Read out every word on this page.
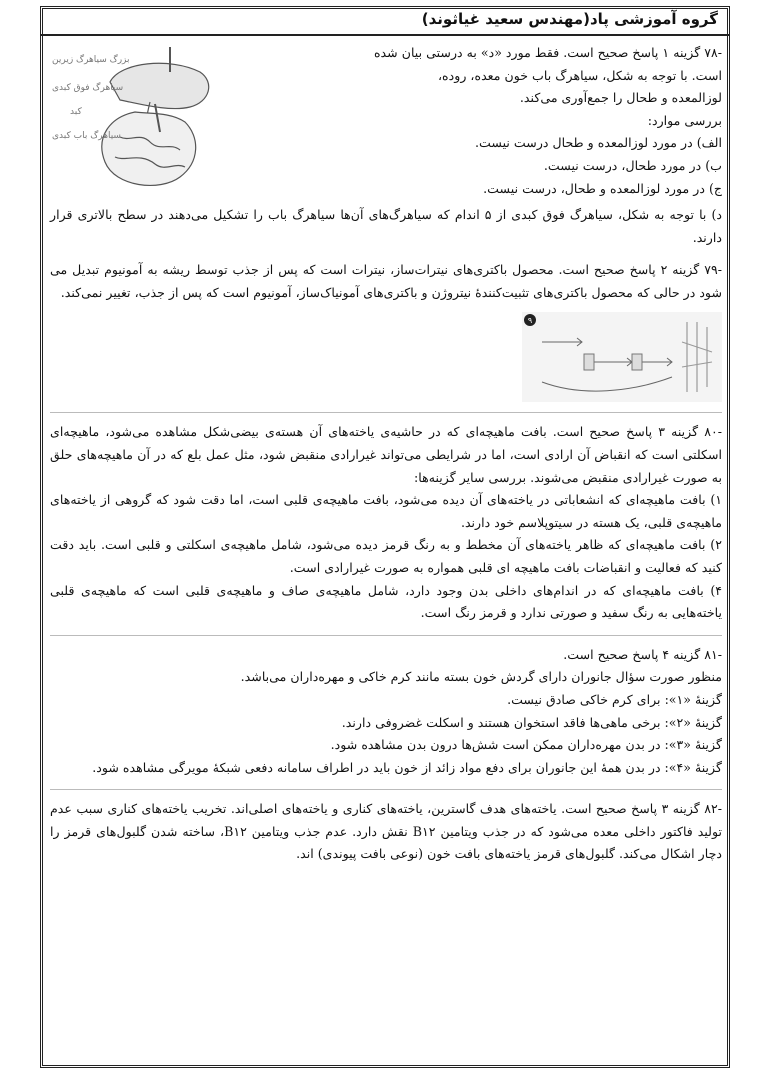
گروه آموزشی پاد(مهندس سعید غیاثوند)
بزرگ سیاهرگ زیرین
سیاهرگ فوق کبدی
کبد
سیاهرگ باب کبدی

-۷۸ گزینه ۱ پاسخ صحیح است. فقط مورد «د» به درستی بیان شده

است. با توجه به شکل، سیاهرگ باب خون معده، روده،

لوزالمعده و طحال را جمع‌آوری می‌کند.

بررسی موارد:

الف) در مورد لوزالمعده و طحال درست نیست.

ب) در مورد طحال، درست نیست.

ج) در مورد لوزالمعده و طحال، درست نیست.

د) با توجه به شکل، سیاهرگ فوق کبدی از ۵ اندام که سیاهرگ‌های آن‌ها سیاهرگ باب را تشکیل می‌دهند در سطح بالاتری قرار دارند.

-۷۹ گزینه ۲ پاسخ صحیح است. محصول باکتری‌های نیترات‌ساز، نیترات است که پس از جذب توسط ریشه به آمونیوم تبدیل می شود در حالی که محصول باکتری‌های تثبیت‌کنندهٔ نیتروژن و باکتری‌های آمونیاک‌ساز، آمونیوم است که پس از جذب، تغییر نمی‌کند.

۹

-۸۰ گزینه ۳ پاسخ صحیح است. بافت ماهیچه‌ای که در حاشیه‌ی یاخته‌های آن هسته‌ی بیضی‌شکل مشاهده می‌شود، ماهیچه‌ای اسکلتی است که انقباض آن ارادی است، اما در شرایطی می‌تواند غیرارادی منقبض شود، مثل عمل بلع که در آن ماهیچه‌های حلق به صورت غیرارادی منقبض می‌شوند. بررسی سایر گزینه‌ها:

۱) بافت ماهیچه‌ای که انشعاباتی در یاخته‌های آن دیده می‌شود، بافت ماهیچه‌ی قلبی است، اما دقت شود که گروهی از یاخته‌های ماهیچه‌ی قلبی، یک هسته در سیتوپلاسم خود دارند.

۲) بافت ماهیچه‌ای که ظاهر یاخته‌های آن مخطط و به رنگ قرمز دیده می‌شود، شامل ماهیچه‌ی اسکلتی و قلبی است. باید دقت کنید که فعالیت و انقباضات بافت ماهیچه ای قلبی همواره به صورت غیرارادی است.

۴) بافت ماهیچه‌ای که در اندام‌های داخلی بدن وجود دارد، شامل ماهیچه‌ی صاف و ماهیچه‌ی قلبی است که ماهیچه‌ی قلبی یاخته‌هایی به رنگ سفید و صورتی ندارد و قرمز رنگ است.

-۸۱ گزینه ۴ پاسخ صحیح است.

منظور صورت سؤال جانوران دارای گردش خون بسته مانند کرم خاکی و مهره‌داران می‌باشد.

گزینهٔ «۱»: برای کرم خاکی صادق نیست.

گزینهٔ «۲»: برخی ماهی‌ها فاقد استخوان هستند و اسکلت غضروفی دارند.

گزینهٔ «۳»: در بدن مهره‌داران ممکن است شش‌ها درون بدن مشاهده شود.

گزینهٔ «۴»: در بدن همهٔ این جانوران برای دفع مواد زائد از خون باید در اطراف سامانه دفعی شبکهٔ مویرگی مشاهده شود.

-۸۲ گزینه ۳ پاسخ صحیح است. یاخته‌های هدف گاسترین، یاخته‌های کناری و یاخته‌های اصلی‌اند. تخریب یاخته‌های کناری سبب عدم تولید فاکتور داخلی معده می‌شود که در جذب ویتامین B۱۲ نقش دارد. عدم جذب ویتامین B۱۲، ساخته شدن گلبول‌های قرمز را دچار اشکال می‌کند. گلبول‌های قرمز یاخته‌های بافت خون (نوعی بافت پیوندی) اند.
